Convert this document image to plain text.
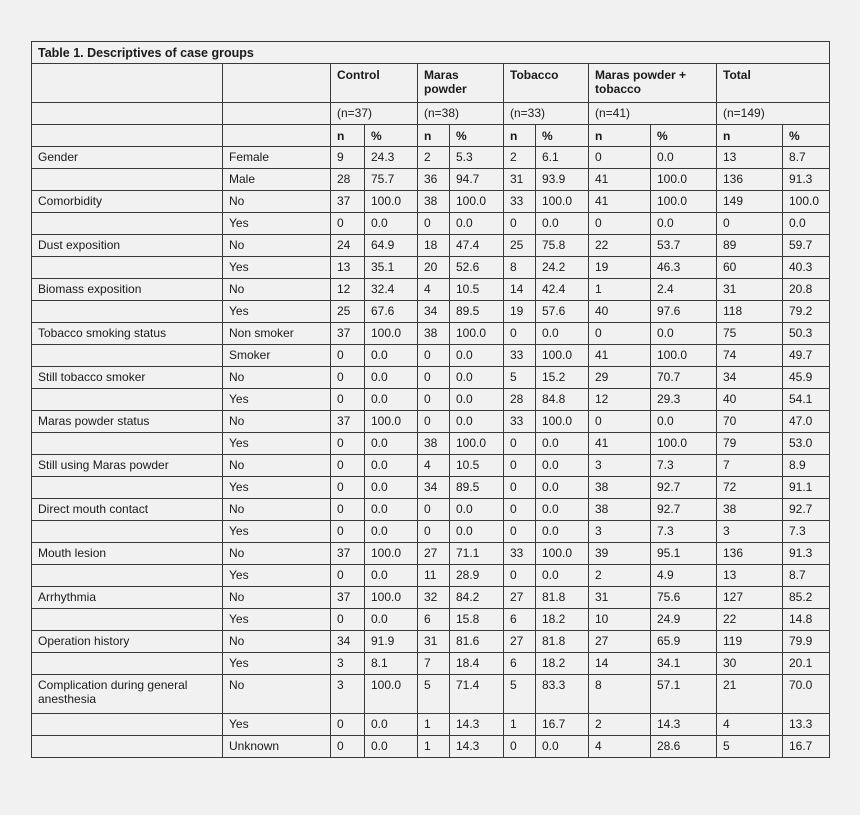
Table 1. Descriptives of case groups											
		Control		Maras powder		Tobacco		Maras powder + tobacco		Total	
		(n=37)		(n=38)		(n=33)		(n=41)		(n=149)	
		n	%	n	%	n	%	n	%	n	%
Gender	Female	9	24.3	2	5.3	2	6.1	0	0.0	13	8.7
	Male	28	75.7	36	94.7	31	93.9	41	100.0	136	91.3
Comorbidity	No	37	100.0	38	100.0	33	100.0	41	100.0	149	100.0
	Yes	0	0.0	0	0.0	0	0.0	0	0.0	0	0.0
Dust exposition	No	24	64.9	18	47.4	25	75.8	22	53.7	89	59.7
	Yes	13	35.1	20	52.6	8	24.2	19	46.3	60	40.3
Biomass exposition	No	12	32.4	4	10.5	14	42.4	1	2.4	31	20.8
	Yes	25	67.6	34	89.5	19	57.6	40	97.6	118	79.2
Tobacco smoking status	Non smoker	37	100.0	38	100.0	0	0.0	0	0.0	75	50.3
	Smoker	0	0.0	0	0.0	33	100.0	41	100.0	74	49.7
Still tobacco smoker	No	0	0.0	0	0.0	5	15.2	29	70.7	34	45.9
	Yes	0	0.0	0	0.0	28	84.8	12	29.3	40	54.1
Maras powder status	No	37	100.0	0	0.0	33	100.0	0	0.0	70	47.0
	Yes	0	0.0	38	100.0	0	0.0	41	100.0	79	53.0
Still using Maras powder	No	0	0.0	4	10.5	0	0.0	3	7.3	7	8.9
	Yes	0	0.0	34	89.5	0	0.0	38	92.7	72	91.1
Direct mouth contact	No	0	0.0	0	0.0	0	0.0	38	92.7	38	92.7
	Yes	0	0.0	0	0.0	0	0.0	3	7.3	3	7.3
Mouth lesion	No	37	100.0	27	71.1	33	100.0	39	95.1	136	91.3
	Yes	0	0.0	11	28.9	0	0.0	2	4.9	13	8.7
Arrhythmia	No	37	100.0	32	84.2	27	81.8	31	75.6	127	85.2
	Yes	0	0.0	6	15.8	6	18.2	10	24.9	22	14.8
Operation history	No	34	91.9	31	81.6	27	81.8	27	65.9	119	79.9
	Yes	3	8.1	7	18.4	6	18.2	14	34.1	30	20.1
Complication during general anesthesia	No	3	100.0	5	71.4	5	83.3	8	57.1	21	70.0
	Yes	0	0.0	1	14.3	1	16.7	2	14.3	4	13.3
	Unknown	0	0.0	1	14.3	0	0.0	4	28.6	5	16.7
